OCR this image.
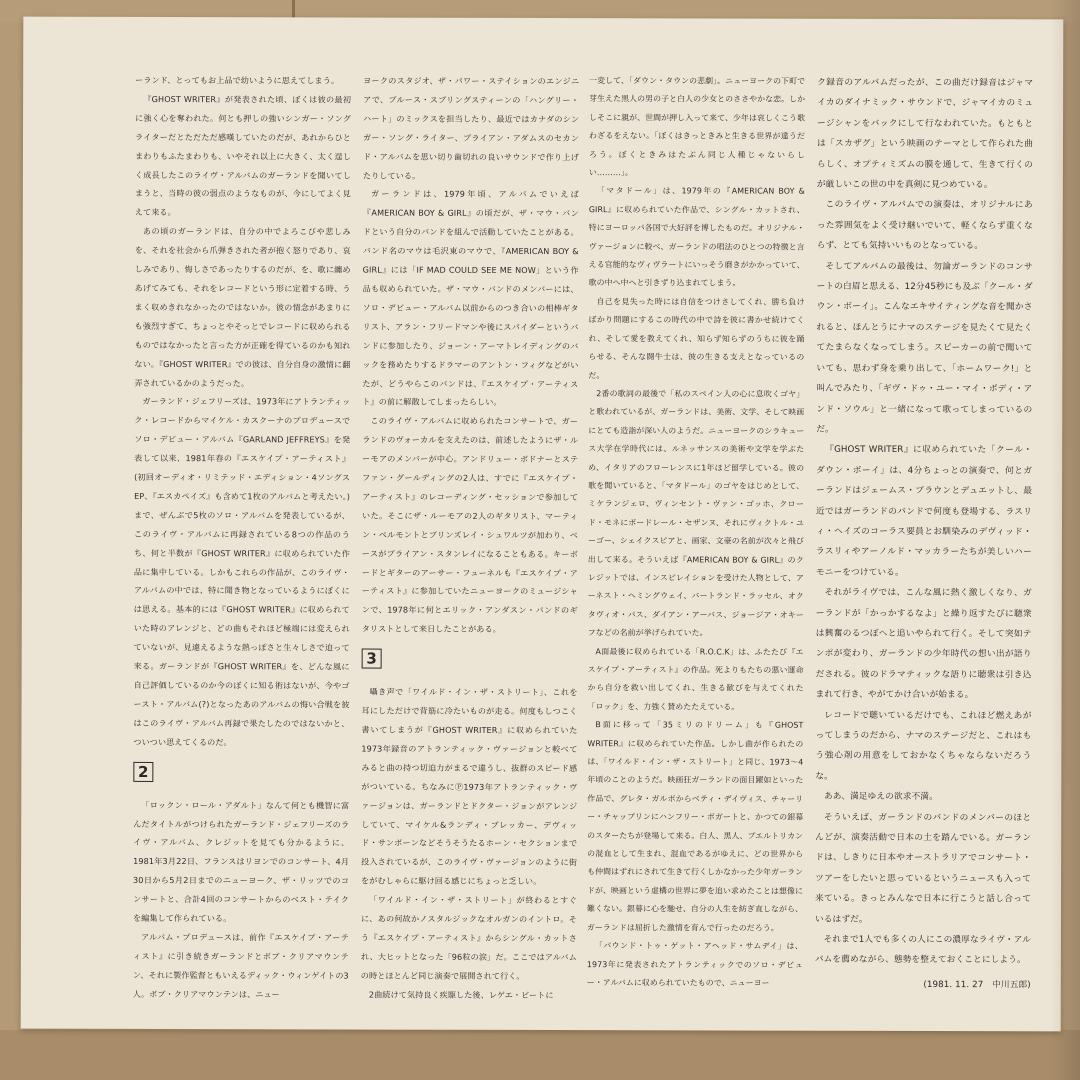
ーランド、とってもお上品で幼いように思えてしまう。

『GHOST WRITER』が発表された頃、ぼくは彼の最初に強く心を奪われた。何とも押しの強いシンガー・ソングライターだとただただ感嘆していたのだが、あれからひとまわりもふたまわりも、いやそれ以上に大きく、太く逞しく成長したこのライヴ・アルバムのガーランドを聞いてしまうと、当時の彼の弱点のようなものが、今にしてよく見えて来る。

あの頃のガーランドは、自分の中でよろこびや悲しみを、それを社会から爪弾きされた者が抱く怒りであり、哀しみであり、悔しさであったりするのだが、を、歌に纏めあげてみても、それをレコードという形に定着する時、うまく収めきれなかったのではないか。彼の情念があまりにも強烈すぎて、ちょっとやそっとでレコードに収められるものではなかったと言った方が正確を得ているのかも知れない。『GHOST WRITER』での彼は、自分自身の激情に翻弄されているかのようだった。

ガーランド・ジェフリーズは、1973年にアトランティック・レコードからマイケル・カスクーナのプロデュースでソロ・デビュー・アルバム『GARLAND JEFFREYS』を発表して以来、1981年春の『エスケイプ・アーティスト』(初回オーディオ・リミテッド・エディション・4ソングスEP、『エスカペイズ』も含めて1枚のアルバムと考えたい。)まで、ぜんぶで5枚のソロ・アルバムを発表しているが、このライヴ・アルバムに再録されている8つの作品のうち、何と半数が『GHOST WRITER』に収められていた作品に集中している。しかもこれらの作品が、このライヴ・アルバムの中では、特に聞き物となっているようにぼくには思える。基本的には『GHOST WRITER』に収められていた時のアレンジと、どの曲もそれほど極端には変えられていないが、見違えるような熱っぽさと生々しさで迫って来る。ガーランドが『GHOST WRITER』を、どんな風に自己評価しているのか今のぼくに知る術はないが、今やゴースト・アルバム(?)となったあのアルバムの悔い合戦を彼はこのライヴ・アルバム再録で果たしたのではないかと、ついつい思えてくるのだ。

2

「ロックン・ロール・アダルト」なんて何とも機智に富んだタイトルがつけられたガーランド・ジェフリーズのライヴ・アルバム、クレジットを見ても分かるように、1981年3月22日、フランスはリヨンでのコンサート、4月30日から5月2日までのニューヨーク、ザ・リッツでのコンサートと、合計4回のコンサートからのベスト・テイクを編集して作られている。

アルバム・プロデュースは、前作『エスケイプ・アーティスト』に引き続きガーランドとボブ・クリアマウンテン、それに製作監督ともいえるディック・ウィンゲイトの3人。ボブ・クリアマウンテンは、ニュー

ヨークのスタジオ、ザ・パワー・ステイションのエンジニアで、ブルース・スプリングスティーンの「ハングリー・ハート」のミックスを担当したり、最近ではカナダのシンガー・ソング・ライター、ブライアン・アダムスのセカンド・アルバムを思い切り歯切れの良いサウンドで作り上げたりしている。

ガーランドは、1979年頃、アルバムでいえば『AMERICAN BOY & GIRL』の頃だが、ザ・マウ・バンドという自分のバンドを組んで活動していたことがある。バンド名のマウは毛沢東のマウで、『AMERICAN BOY & GIRL』には「IF MAD COULD SEE ME NOW」という作品も収められていた。ザ・マウ・バンドのメンバーには、ソロ・デビュー・アルバム以前からのつき合いの相棒ギタリスト、アラン・フリードマンや後にスパイダーというバンドに参加したり、ジョーン・アーマトレイディングのバックを務めたりするドラマーのアントン・フィグなどがいたが、どうやらこのバンドは、『エスケイプ・アーティスト』の前に解散してしまったらしい。

このライヴ・アルバムに収められたコンサートで、ガーランドのヴォーカルを支えたのは、前述したようにザ・ルーモアのメンバーが中心。アンドリュー・ボドナーとステファン・グールディングの2人は、すでに『エスケイプ・アーティスト』のレコーディング・セッションで参加していた。そこにザ・ルーモアの2人のギタリスト、マーティン・ベルモントとブリンズレイ・シュワルツが加わり、ベースがブライアン・スタンレイになることもある。キーボードとギターのアーサー・フューネルも『エスケイプ・アーティスト』に参加していたニューヨークのミュージシャンで、1978年に何とエリック・アンダスン・バンドのギタリストとして来日したことがある。

3

囁き声で「ワイルド・イン・ザ・ストリート」、これを耳にしただけで背筋に冷たいものが走る。何度もしつこく書いてしまうが『GHOST WRITER』に収められていた1973年録音のアトランティック・ヴァージョンと較べてみると曲の持つ切迫力がまるで違うし、抜群のスピード感がついている。ちなみにⓅ1973年アトランティック・ヴァージョンは、ガーランドとドクター・ジョンがアレンジしていて、マイケル&ランディ・ブレッカー、デヴィッド・サンボーンなどそうそうたるホーン・セクションまで投入されているが、このライヴ・ヴァージョンのように街をがむしゃらに駆け回る感じにちょっと乏しい。

「ワイルド・イン・ザ・ストリート」が終わるとすぐに、あの何故かノスタルジックなオルガンのイントロ。そう『エスケイプ・アーティスト』からシングル・カットされ、大ヒットとなった「96粒の涙」だ。ここではアルバムの時とほとんど同じ演奏で展開されて行く。

2曲続けて気持良く疾駆した後、レゲエ・ビートに

一変して、「ダウン・タウンの悲劇」。ニューヨークの下町で芽生えた黒人の男の子と白人の少女とのささやかな恋。しかしそこに親が、世間が押し入って来て、少年は哀しくこう歌わざるをえない。「ぼくはきっときみと生きる世界が違うだろう。ぼくときみはたぶん同じ人種じゃないらしい………」。

「マタドール」は、1979年の『AMERICAN BOY & GIRL』に収められていた作品で、シングル・カットされ、特にヨーロッパ各国で大好評を博したものだ。オリジナル・ヴァージョンに較べ、ガーランドの唱法のひとつの特徴と言える官能的なヴィヴラートにいっそう磨きがかかっていて、歌の中へ中へと引きずり込まれてしまう。

自己を見失った時には自信をつけさしてくれ、勝ち負けばかり問題にするこの時代の中で詩を彼に書かせ続けてくれ、そして愛を教えてくれ、知らず知らずのうちに彼を踊らせる、そんな闘牛士は、彼の生きる支えとなっているのだ。

2番の歌詞の最後で「私のスペイン人の心に息吹くゴヤ」と歌われているが、ガーランドは、美術、文学、そして映画にとても造詣が深い人のようだ。ニューヨークのシラキュース大学在学時代には、ルネッサンスの美術や文学を学ぶため、イタリアのフローレンスに1年ほど留学している。彼の歌を聞いていると、「マタドール」のゴヤをはじめとして、ミケランジェロ、ヴィンセント・ヴァン・ゴッホ、クロード・モネにボードレール・セザンヌ、それにヴィクトル・ユーゴー、シェイクスピアと、画家、文豪の名前が次々と飛び出して来る。そういえば『AMERICAN BOY & GIRL』のクレジットでは、インスピレイションを受けた人物として、アーネスト・ヘミングウェイ、バートランド・ラッセル、オクタヴィオ・パス、ダイアン・アーバス、ジョージア・オキーフなどの名前が挙げられていた。

A面最後に収められている「R.O.C.K」は、ふたたび『エスケイプ・アーティスト』の作品。死よりもたちの悪い運命から自分を救い出してくれ、生きる歓びを与えてくれた「ロック」を、力強く賛めたたえている。

B面に移って「35ミリのドリーム」も『GHOST WRITER』に収められていた作品。しかし曲が作られたのは、「ワイルド・イン・ザ・ストリート」と同じ、1973～4年頃のことのようだ。映画狂ガーランドの面目躍如といった作品で、グレタ・ガルボからベティ・デイヴィス、チャーリー・チャップリンにハンフリー・ボガートと、かつての銀幕のスターたちが登場して来る。白人、黒人、プエルトリカンの混血として生まれ、混血であるがゆえに、どの世界からも仲間はずれにされて生きて行くしかなかった少年ガーランドが、映画という虚構の世界に夢を追い求めたことは想像に難くない。銀幕に心を馳せ、自分の人生を紡ぎ直しながら、ガーランドは屈折した激情を育んで行ったのだろう。

「パウンド・トゥ・ゲット・アヘッド・サムデイ」は、1973年に発表されたアトランティックでのソロ・デビュー・アルバムに収められていたもので、ニューヨー

ク録音のアルバムだったが、この曲だけ録音はジャマイカのダイナミック・サウンドで、ジャマイカのミュージシャンをバックにして行なわれていた。もともとは「スカザグ」という映画のテーマとして作られた曲らしく、オプティミズムの膜を通して、生きて行くのが厳しいこの世の中を真剣に見つめている。

このライヴ・アルバムでの演奏は、オリジナルにあった雰囲気をよく受け継いでいて、軽くならず重くならず、とても気持いいものとなっている。

そしてアルバムの最後は、勿論ガーランドのコンサートの白眉と思える、12分45秒にも及ぶ「クール・ダウン・ボーイ」。こんなエキサイティングな音を聞かされると、ほんとうにナマのステージを見たくて見たくてたまらなくなってしまう。スピーカーの前で聞いていても、思わず身を乗り出して、「ホームワーク!」と叫んでみたり、「ギヴ・ドゥ・ユー・マイ・ボディ・アンド・ソウル」と一緒になって歌ってしまっているのだ。

『GHOST WRITER』に収められていた「クール・ダウン・ボーイ」は、4分ちょっとの演奏で、何とガーランドはジェームス・ブラウンとデュエットし、最近ではガーランドのバンドで何度も登場する、ラスリィ・ヘイズのコーラス要員とお馴染みのデヴィッド・ラスリィやアーノルド・マッカラーたちが美しいハーモニーをつけている。

それがライヴでは、こんな風に熱く激しくなり、ガーランドが「かっかするなよ」と繰り返すたびに聴衆は興奮のるつぼへと追いやられて行く。そして突如テンポが変わり、ガーランドの少年時代の想い出が語りだされる。彼のドラマティックな語りに聴衆は引き込まれて行き、やがてかけ合いが始まる。

レコードで聴いているだけでも、これほど燃えあがってしまうのだから、ナマのステージだと、これはもう強心剤の用意をしておかなくちゃならないだろうな。

ああ、満足ゆえの欲求不満。

そういえば、ガーランドのバンドのメンバーのほとんどが、演奏活動で日本の土を踏んでいる。ガーランドは、しきりに日本やオーストラリアでコンサート・ツアーをしたいと思っているというニュースも入って来ている。きっとみんなで日本に行こうと話し合っているはずだ。

それまで1人でも多くの人にこの濃厚なライヴ・アルバムを薦めながら、態勢を整えておくことにしよう。

(1981. 11. 27　中川五郎)
